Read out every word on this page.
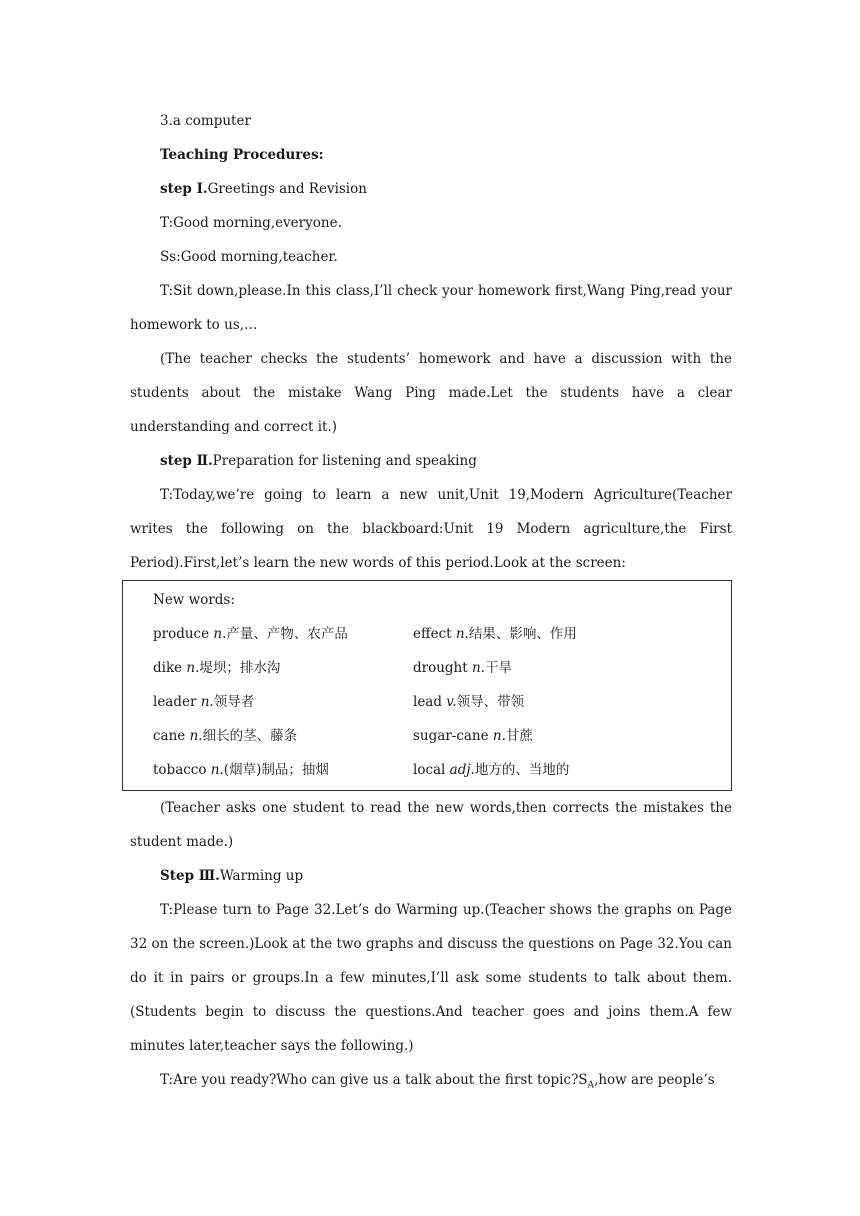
3.a computer

Teaching Procedures:

step Ⅰ.Greetings and Revision

T:Good morning,everyone.

Ss:Good morning,teacher.

T:Sit down,please.In this class,I’ll check your homework first,Wang Ping,read your homework to us,…

(The teacher checks the students’ homework and have a discussion with the students about the mistake Wang Ping made.Let the students have a clear understanding and correct it.)

step Ⅱ.Preparation for listening and speaking

T:Today,we’re going to learn a new unit,Unit 19,Modern Agriculture(Teacher writes the following on the blackboard:Unit 19 Modern agriculture,the First Period).First,let’s learn the new words of this period.Look at the screen:

New words:
produce n.产量、产物、农产品	effect n.结果、影响、作用
dike n.堤坝；排水沟	drought n.干旱
leader n.领导者	lead v.领导、带领
cane n.细长的茎、藤条	sugar-cane n.甘蔗
tobacco n.(烟草)制品；抽烟	local adj.地方的、当地的

(Teacher asks one student to read the new words,then corrects the mistakes the student made.)

Step Ⅲ.Warming up

T:Please turn to Page 32.Let’s do Warming up.(Teacher shows the graphs on Page 32 on the screen.)Look at the two graphs and discuss the questions on Page 32.You can do it in pairs or groups.In a few minutes,I’ll ask some students to talk about them.(Students begin to discuss the questions.And teacher goes and joins them.A few minutes later,teacher says the following.)

T:Are you ready?Who can give us a talk about the first $topic?S_A,how$ are people’s
